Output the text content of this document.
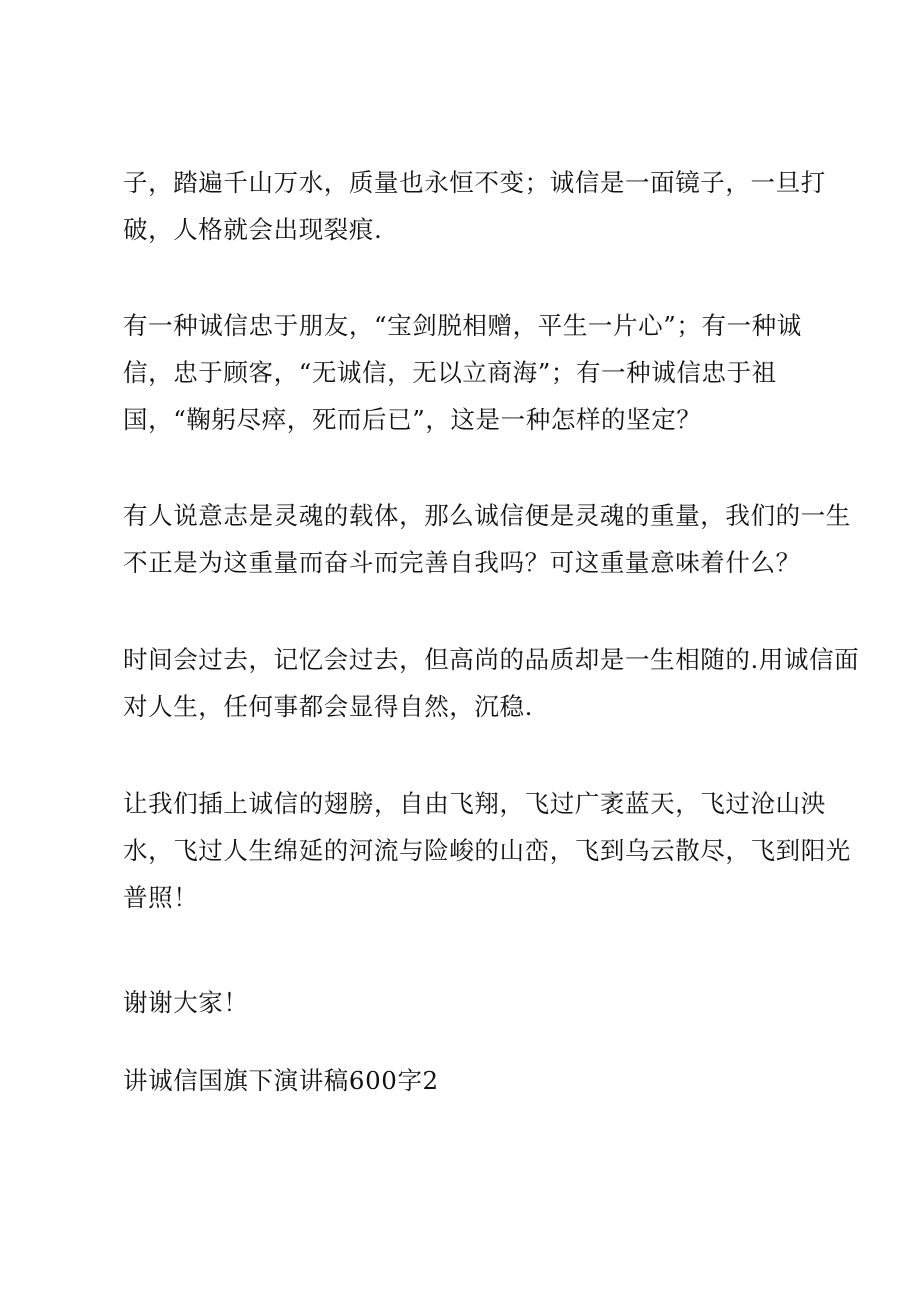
子，踏遍千山万水，质量也永恒不变；诚信是一面镜子，一旦打
破，人格就会出现裂痕.
有一种诚信忠于朋友，“宝剑脱相赠，平生一片心”；有一种诚
信，忠于顾客，“无诚信，无以立商海”；有一种诚信忠于祖
国，“鞠躬尽瘁，死而后已”，这是一种怎样的坚定？
有人说意志是灵魂的载体，那么诚信便是灵魂的重量，我们的一生
不正是为这重量而奋斗而完善自我吗？可这重量意味着什么？
时间会过去，记忆会过去，但高尚的品质却是一生相随的.用诚信面
对人生，任何事都会显得自然，沉稳.
让我们插上诚信的翅膀，自由飞翔，飞过广袤蓝天，飞过沧山泱
水，飞过人生绵延的河流与险峻的山峦，飞到乌云散尽，飞到阳光
普照！
谢谢大家！
讲诚信国旗下演讲稿600字2
